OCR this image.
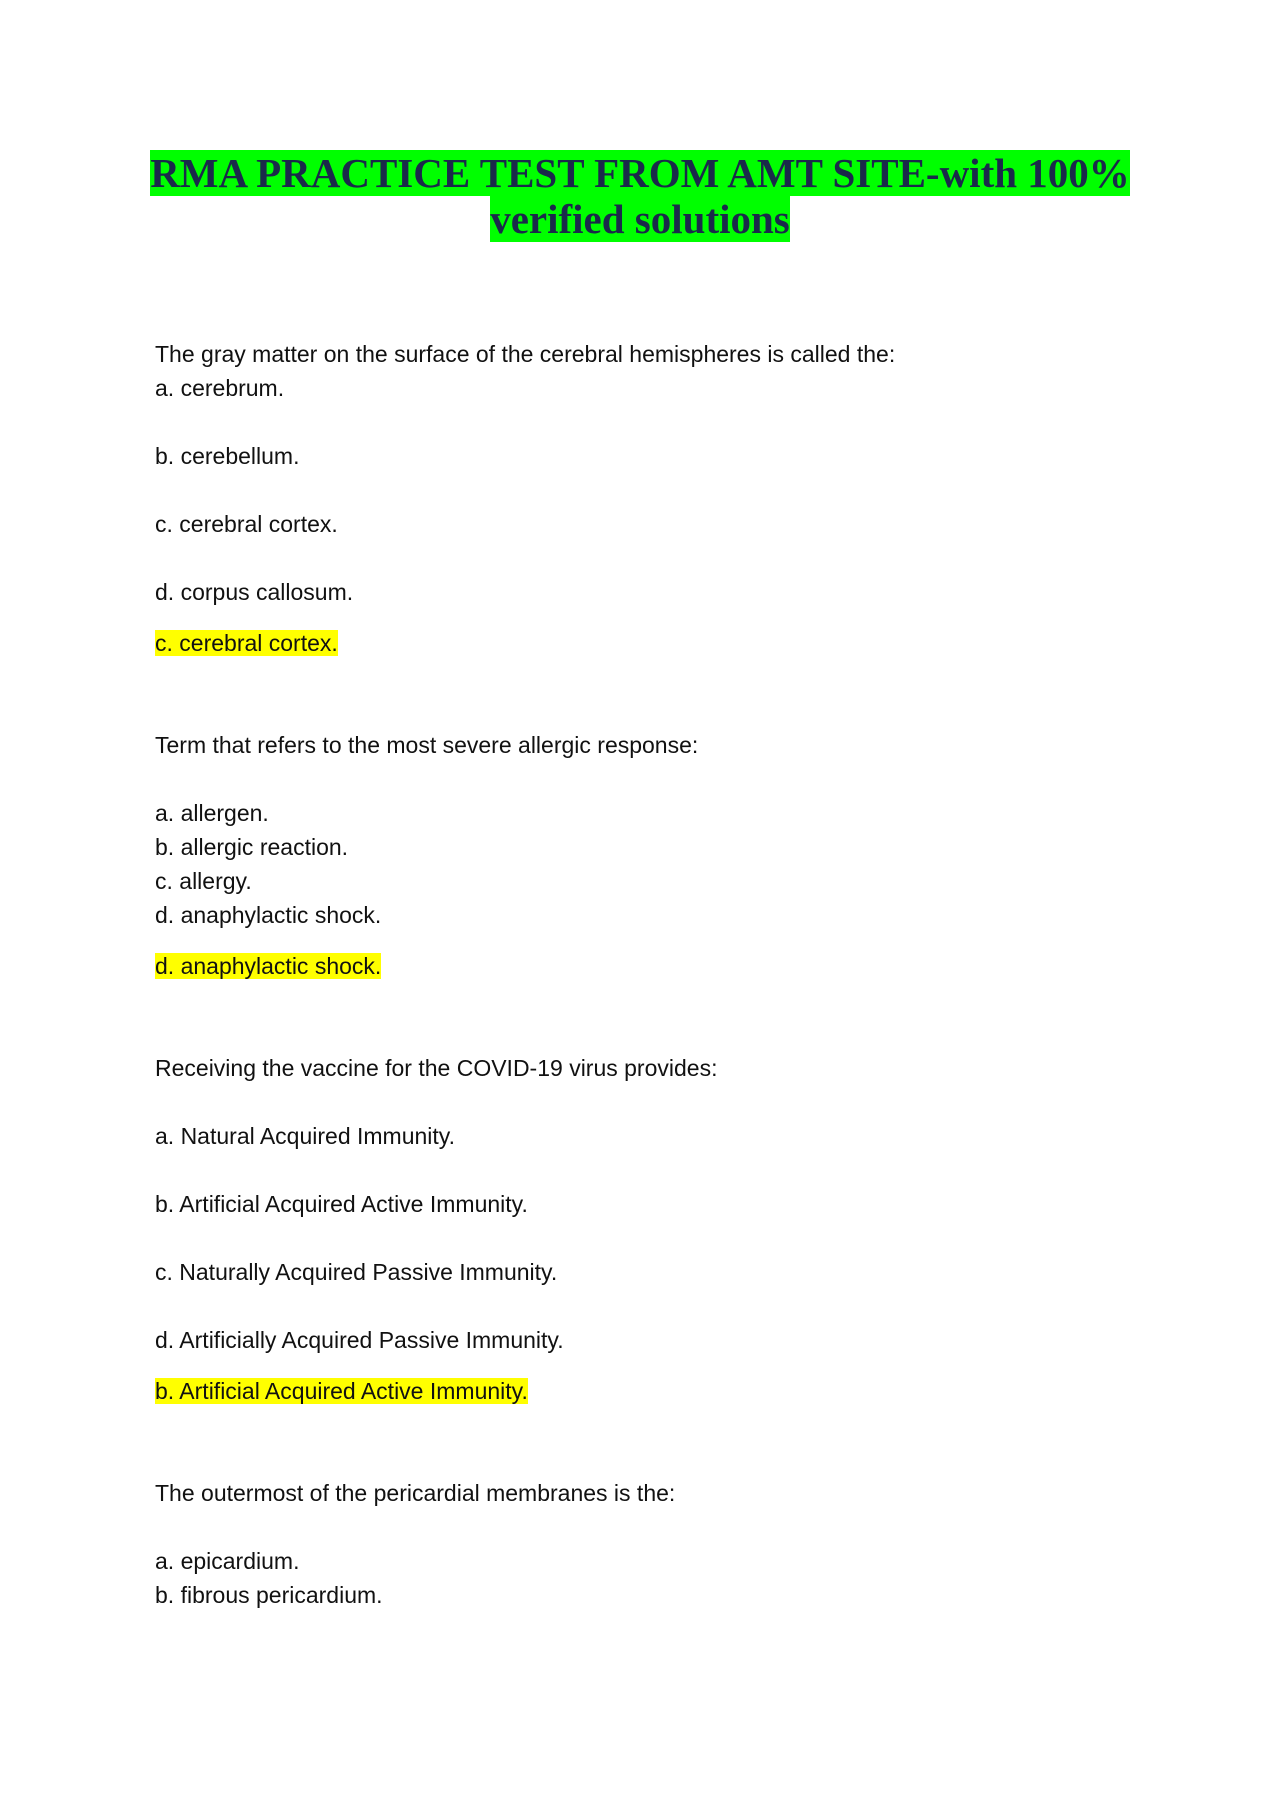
RMA PRACTICE TEST FROM AMT SITE-with 100%
verified solutions
The gray matter on the surface of the cerebral hemispheres is called the:
a. cerebrum.
b. cerebellum.
c. cerebral cortex.
d. corpus callosum.
c. cerebral cortex.
Term that refers to the most severe allergic response:
a. allergen.
b. allergic reaction.
c. allergy.
d. anaphylactic shock.
d. anaphylactic shock.
Receiving the vaccine for the COVID-19 virus provides:
a. Natural Acquired Immunity.
b. Artificial Acquired Active Immunity.
c. Naturally Acquired Passive Immunity.
d. Artificially Acquired Passive Immunity.
b. Artificial Acquired Active Immunity.
The outermost of the pericardial membranes is the:
a. epicardium.
b. fibrous pericardium.
